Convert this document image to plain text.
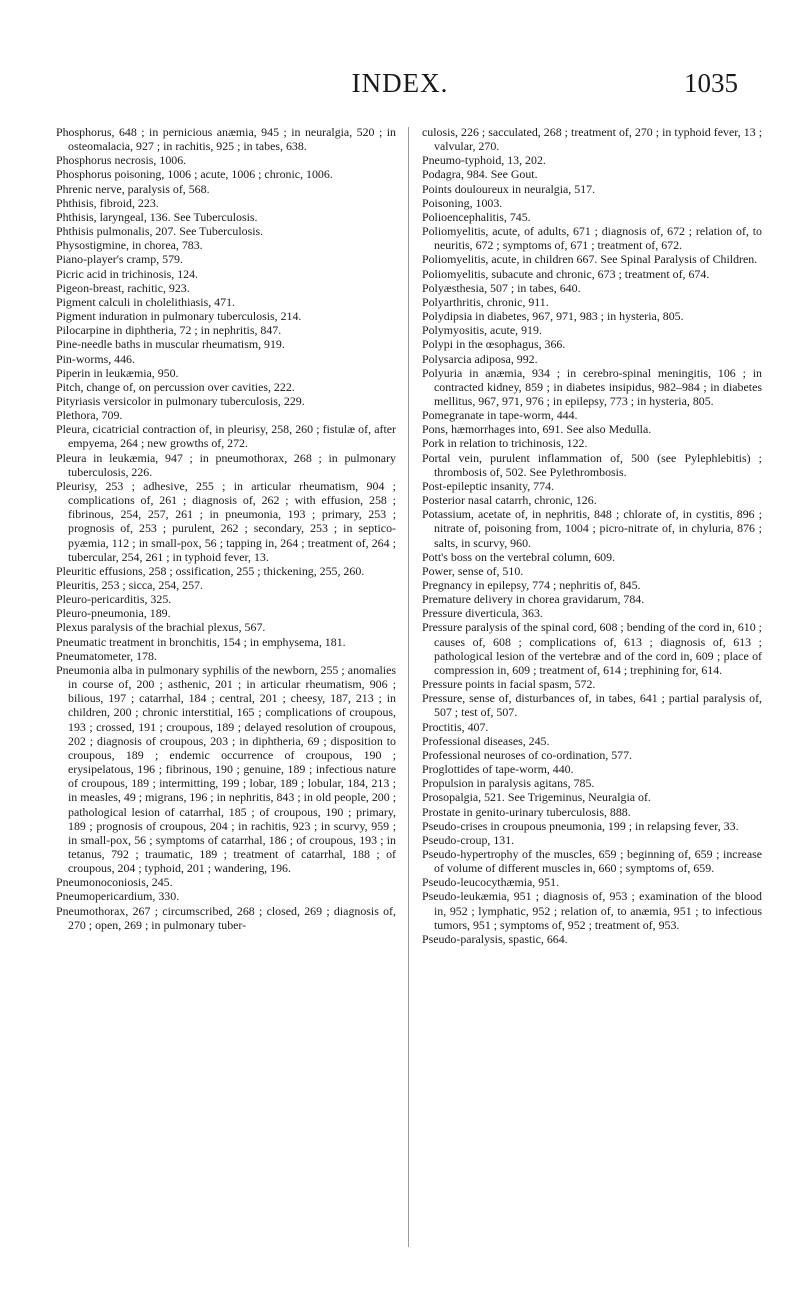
INDEX.	1035

Phosphorus, 648 ; in pernicious anæmia, 945 ; in neuralgia, 520 ; in osteomalacia, 927 ; in rachitis, 925 ; in tabes, 638.

Phosphorus necrosis, 1006.

Phosphorus poisoning, 1006 ; acute, 1006 ; chronic, 1006.

Phrenic nerve, paralysis of, 568.

Phthisis, fibroid, 223.

Phthisis, laryngeal, 136. See Tuberculosis.

Phthisis pulmonalis, 207. See Tuberculosis.

Physostigmine, in chorea, 783.

Piano-player's cramp, 579.

Picric acid in trichinosis, 124.

Pigeon-breast, rachitic, 923.

Pigment calculi in cholelithiasis, 471.

Pigment induration in pulmonary tuberculosis, 214.

Pilocarpine in diphtheria, 72 ; in nephritis, 847.

Pine-needle baths in muscular rheumatism, 919.

Pin-worms, 446.

Piperin in leukæmia, 950.

Pitch, change of, on percussion over cavities, 222.

Pityriasis versicolor in pulmonary tuberculosis, 229.

Plethora, 709.

Pleura, cicatricial contraction of, in pleurisy, 258, 260 ; fistulæ of, after empyema, 264 ; new growths of, 272.

Pleura in leukæmia, 947 ; in pneumothorax, 268 ; in pulmonary tuberculosis, 226.

Pleurisy, 253 ; adhesive, 255 ; in articular rheumatism, 904 ; complications of, 261 ; diagnosis of, 262 ; with effusion, 258 ; fibrinous, 254, 257, 261 ; in pneumonia, 193 ; primary, 253 ; prognosis of, 253 ; purulent, 262 ; secondary, 253 ; in septico-pyæmia, 112 ; in small-pox, 56 ; tapping in, 264 ; treatment of, 264 ; tubercular, 254, 261 ; in typhoid fever, 13.

Pleuritic effusions, 258 ; ossification, 255 ; thickening, 255, 260.

Pleuritis, 253 ; sicca, 254, 257.

Pleuro-pericarditis, 325.

Pleuro-pneumonia, 189.

Plexus paralysis of the brachial plexus, 567.

Pneumatic treatment in bronchitis, 154 ; in emphysema, 181.

Pneumatometer, 178.

Pneumonia alba in pulmonary syphilis of the newborn, 255 ; anomalies in course of, 200 ; asthenic, 201 ; in articular rheumatism, 906 ; bilious, 197 ; catarrhal, 184 ; central, 201 ; cheesy, 187, 213 ; in children, 200 ; chronic interstitial, 165 ; complications of croupous, 193 ; crossed, 191 ; croupous, 189 ; delayed resolution of croupous, 202 ; diagnosis of croupous, 203 ; in diphtheria, 69 ; disposition to croupous, 189 ; endemic occurrence of croupous, 190 ; erysipelatous, 196 ; fibrinous, 190 ; genuine, 189 ; infectious nature of croupous, 189 ; intermitting, 199 ; lobar, 189 ; lobular, 184, 213 ; in measles, 49 ; migrans, 196 ; in nephritis, 843 ; in old people, 200 ; pathological lesion of catarrhal, 185 ; of croupous, 190 ; primary, 189 ; prognosis of croupous, 204 ; in rachitis, 923 ; in scurvy, 959 ; in small-pox, 56 ; symptoms of catarrhal, 186 ; of croupous, 193 ; in tetanus, 792 ; traumatic, 189 ; treatment of catarrhal, 188 ; of croupous, 204 ; typhoid, 201 ; wandering, 196.

Pneumonoconiosis, 245.

Pneumopericardium, 330.

Pneumothorax, 267 ; circumscribed, 268 ; closed, 269 ; diagnosis of, 270 ; open, 269 ; in pulmonary tuber-

culosis, 226 ; sacculated, 268 ; treatment of, 270 ; in typhoid fever, 13 ; valvular, 270.

Pneumo-typhoid, 13, 202.

Podagra, 984. See Gout.

Points douloureux in neuralgia, 517.

Poisoning, 1003.

Polioencephalitis, 745.

Poliomyelitis, acute, of adults, 671 ; diagnosis of, 672 ; relation of, to neuritis, 672 ; symptoms of, 671 ; treatment of, 672.

Poliomyelitis, acute, in children 667. See Spinal Paralysis of Children.

Poliomyelitis, subacute and chronic, 673 ; treatment of, 674.

Polyæsthesia, 507 ; in tabes, 640.

Polyarthritis, chronic, 911.

Polydipsia in diabetes, 967, 971, 983 ; in hysteria, 805.

Polymyositis, acute, 919.

Polypi in the œsophagus, 366.

Polysarcia adiposa, 992.

Polyuria in anæmia, 934 ; in cerebro-spinal meningitis, 106 ; in contracted kidney, 859 ; in diabetes insipidus, 982–984 ; in diabetes mellitus, 967, 971, 976 ; in epilepsy, 773 ; in hysteria, 805.

Pomegranate in tape-worm, 444.

Pons, hæmorrhages into, 691. See also Medulla.

Pork in relation to trichinosis, 122.

Portal vein, purulent inflammation of, 500 (see Pylephlebitis) ; thrombosis of, 502. See Pylethrombosis.

Post-epileptic insanity, 774.

Posterior nasal catarrh, chronic, 126.

Potassium, acetate of, in nephritis, 848 ; chlorate of, in cystitis, 896 ; nitrate of, poisoning from, 1004 ; picro-nitrate of, in chyluria, 876 ; salts, in scurvy, 960.

Pott's boss on the vertebral column, 609.

Power, sense of, 510.

Pregnancy in epilepsy, 774 ; nephritis of, 845.

Premature delivery in chorea gravidarum, 784.

Pressure diverticula, 363.

Pressure paralysis of the spinal cord, 608 ; bending of the cord in, 610 ; causes of, 608 ; complications of, 613 ; diagnosis of, 613 ; pathological lesion of the vertebræ and of the cord in, 609 ; place of compression in, 609 ; treatment of, 614 ; trephining for, 614.

Pressure points in facial spasm, 572.

Pressure, sense of, disturbances of, in tabes, 641 ; partial paralysis of, 507 ; test of, 507.

Proctitis, 407.

Professional diseases, 245.

Professional neuroses of co-ordination, 577.

Proglottides of tape-worm, 440.

Propulsion in paralysis agitans, 785.

Prosopalgia, 521. See Trigeminus, Neuralgia of.

Prostate in genito-urinary tuberculosis, 888.

Pseudo-crises in croupous pneumonia, 199 ; in relapsing fever, 33.

Pseudo-croup, 131.

Pseudo-hypertrophy of the muscles, 659 ; beginning of, 659 ; increase of volume of different muscles in, 660 ; symptoms of, 659.

Pseudo-leucocythæmia, 951.

Pseudo-leukæmia, 951 ; diagnosis of, 953 ; examination of the blood in, 952 ; lymphatic, 952 ; relation of, to anæmia, 951 ; to infectious tumors, 951 ; symptoms of, 952 ; treatment of, 953.

Pseudo-paralysis, spastic, 664.
